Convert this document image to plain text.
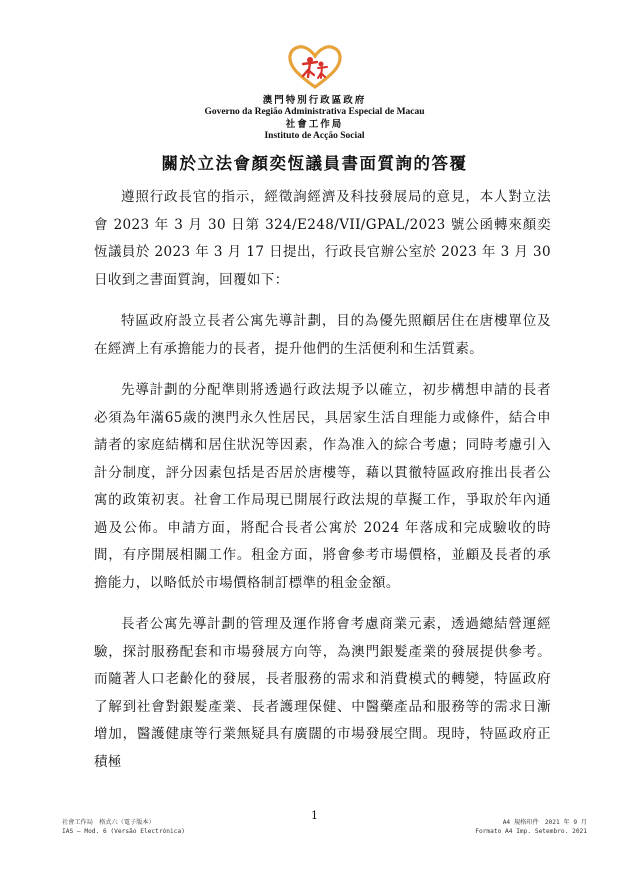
澳門特別行政區政府
Governo da Região Administrativa Especial de Macau
社會工作局
Instituto de Acção Social
關於立法會顏奕恆議員書面質詢的答覆

遵照行政長官的指示，經徵詢經濟及科技發展局的意見，本人對立法會 2023 年 3 月 30 日第 324/E248/VII/GPAL/2023 號公函轉來顏奕恆議員於 2023 年 3 月 17 日提出，行政長官辦公室於 2023 年 3 月 30 日收到之書面質詢，回覆如下：

特區政府設立長者公寓先導計劃，目的為優先照顧居住在唐樓單位及在經濟上有承擔能力的長者，提升他們的生活便利和生活質素。

先導計劃的分配準則將透過行政法規予以確立，初步構想申請的長者必須為年滿65歲的澳門永久性居民，具居家生活自理能力或條件，結合申請者的家庭結構和居住狀況等因素，作為准入的綜合考慮；同時考慮引入計分制度，評分因素包括是否居於唐樓等，藉以貫徹特區政府推出長者公寓的政策初衷。社會工作局現已開展行政法規的草擬工作，爭取於年內通過及公佈。申請方面，將配合長者公寓於 2024 年落成和完成驗收的時間，有序開展相關工作。租金方面，將會參考市場價格，並顧及長者的承擔能力，以略低於市場價格制訂標準的租金金額。

長者公寓先導計劃的管理及運作將會考慮商業元素，透過總結營運經驗，探討服務配套和市場發展方向等，為澳門銀髮產業的發展提供參考。而隨著人口老齡化的發展，長者服務的需求和消費模式的轉變，特區政府了解到社會對銀髮產業、長者護理保健、中醫藥產品和服務等的需求日漸增加，醫護健康等行業無疑具有廣闊的市場發展空間。現時，特區政府正積極

1
社會工作局　格式六（電子版本）	A4 規格印件　2021 年 9 月
IAS – Mod. 6 (Versão Electrónica)	Formato A4 Imp. Setembro. 2021
